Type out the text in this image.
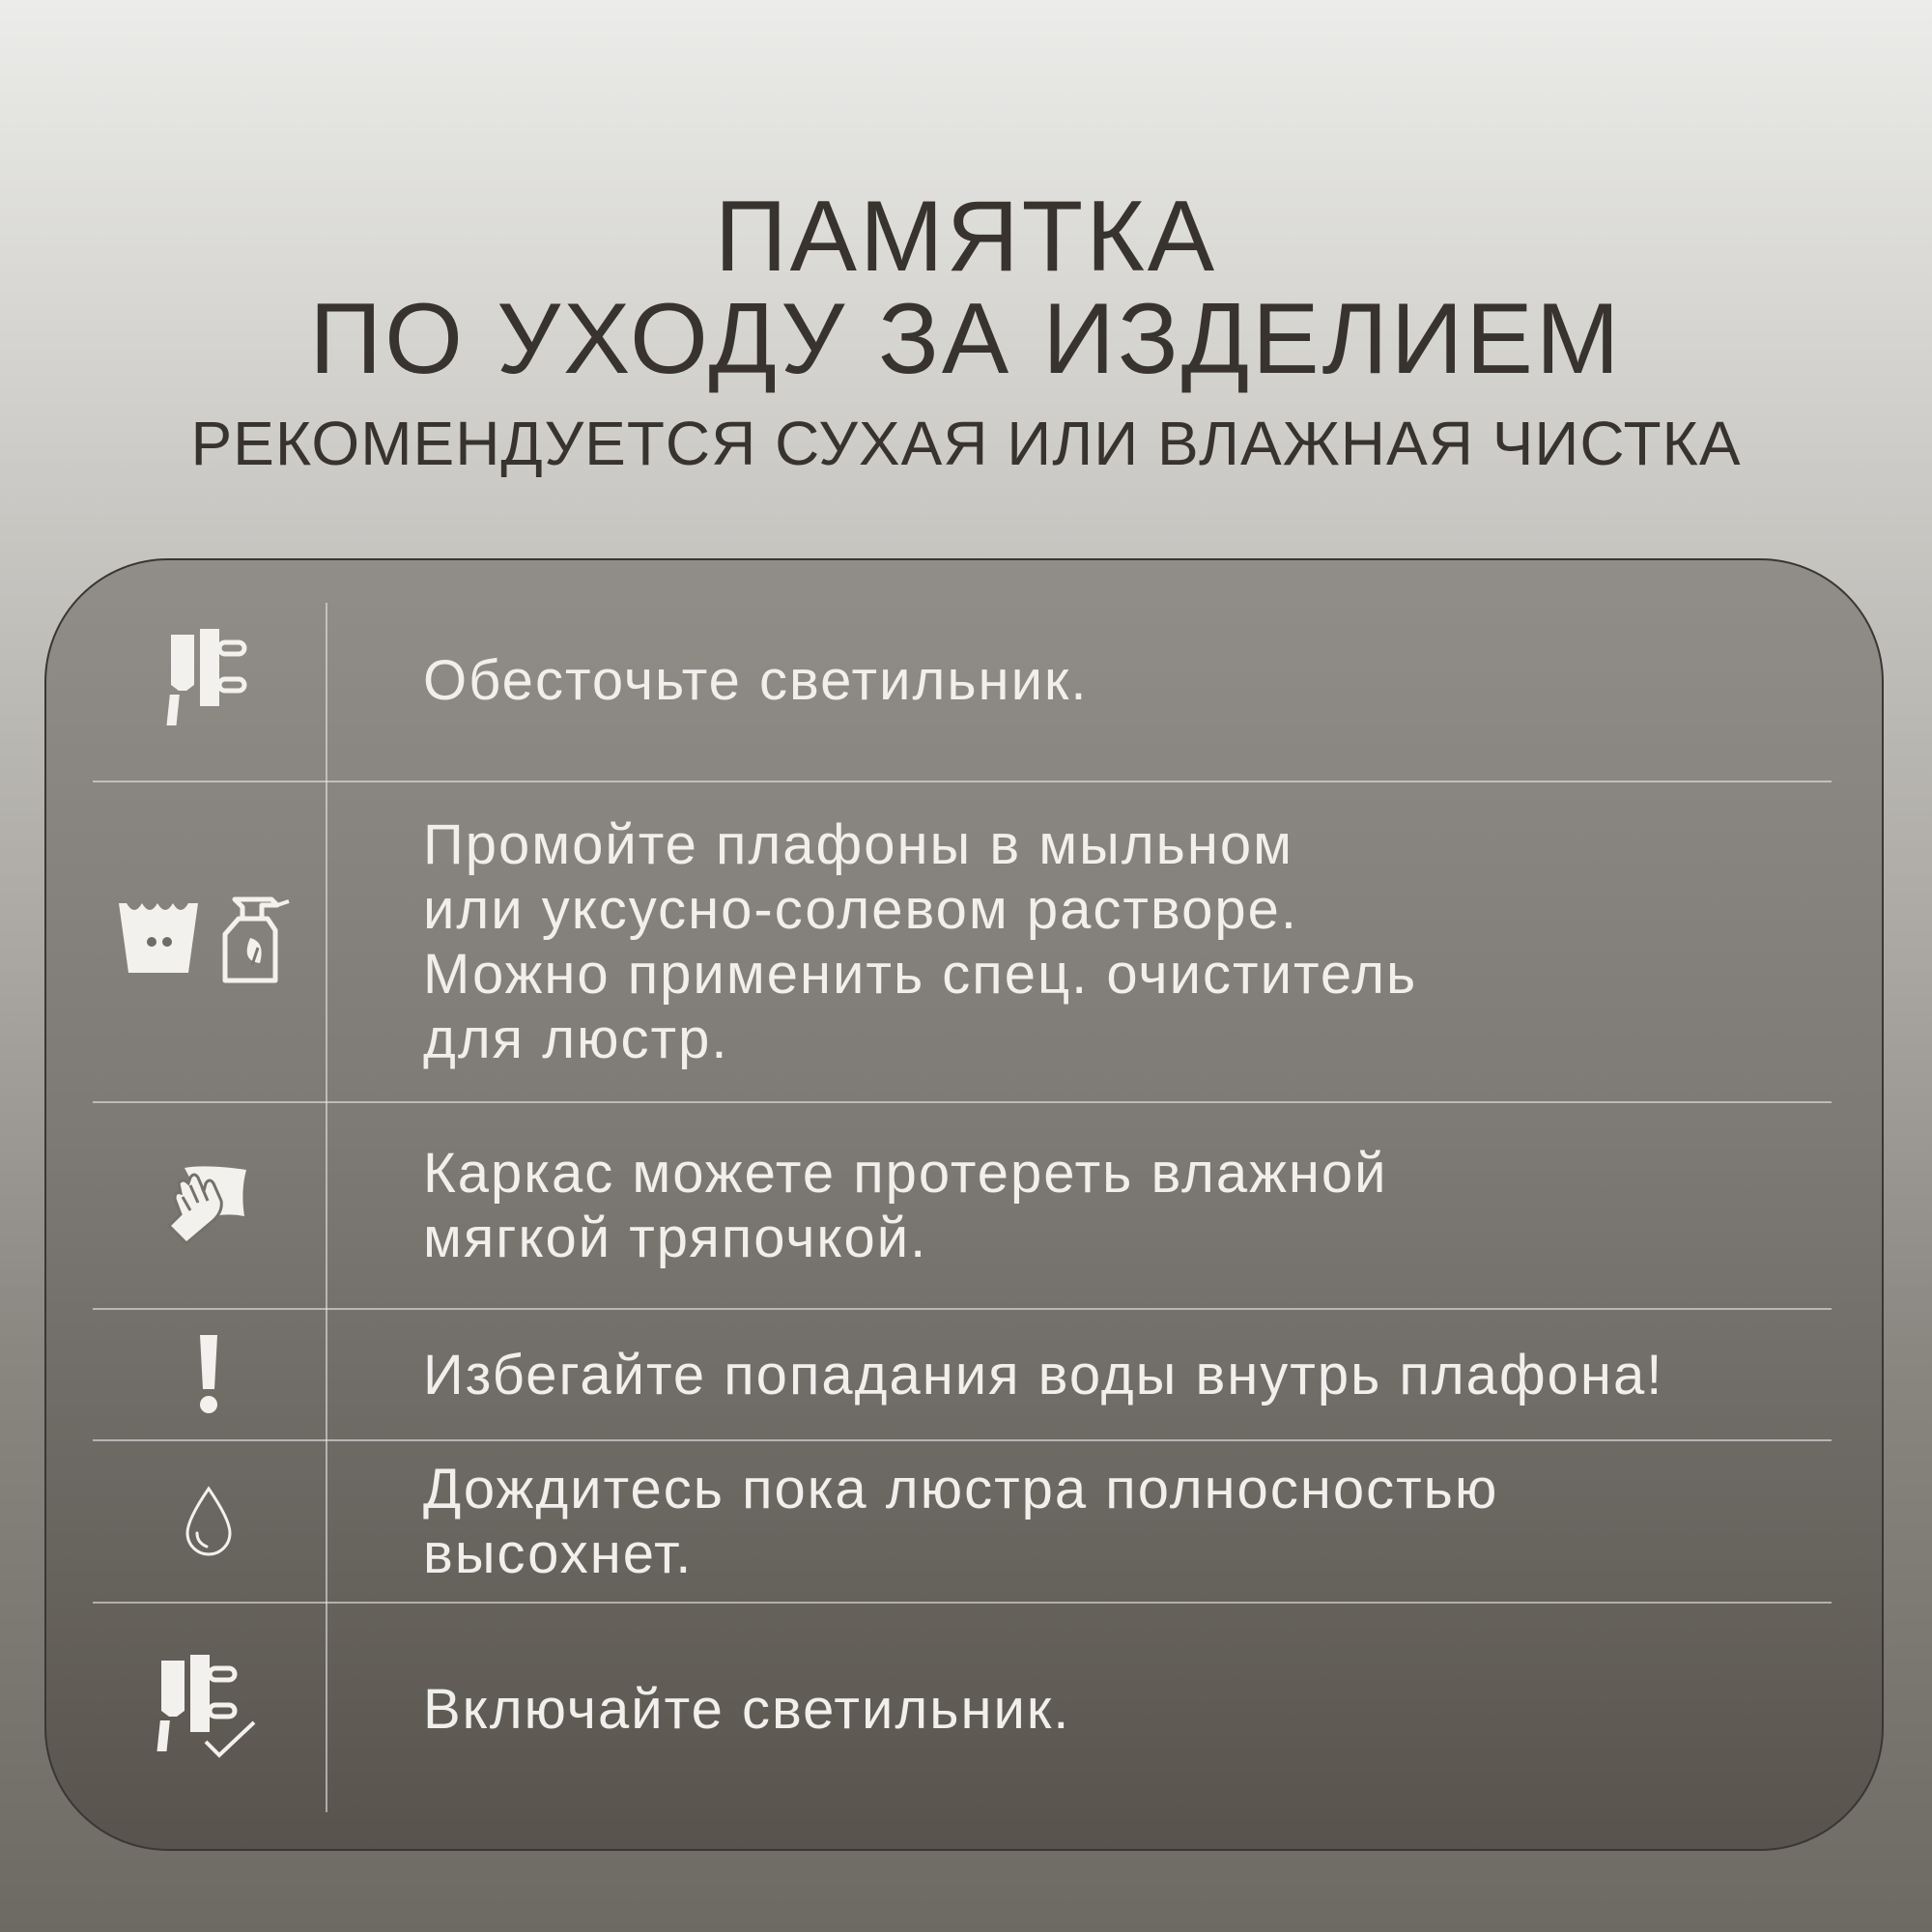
ПАМЯТКА
ПО УХОДУ ЗА ИЗДЕЛИЕМ
РЕКОМЕНДУЕТСЯ СУХАЯ ИЛИ ВЛАЖНАЯ ЧИСТКА
Обесточьте светильник.
Промойте плафоны в мыльном
или уксусно-солевом растворе.
Можно применить спец. очиститель
для люстр.
Каркас можете протереть влажной
мягкой тряпочкой.
Избегайте попадания воды внутрь плафона!
Дождитесь пока люстра полносностью
высохнет.
Включайте светильник.
